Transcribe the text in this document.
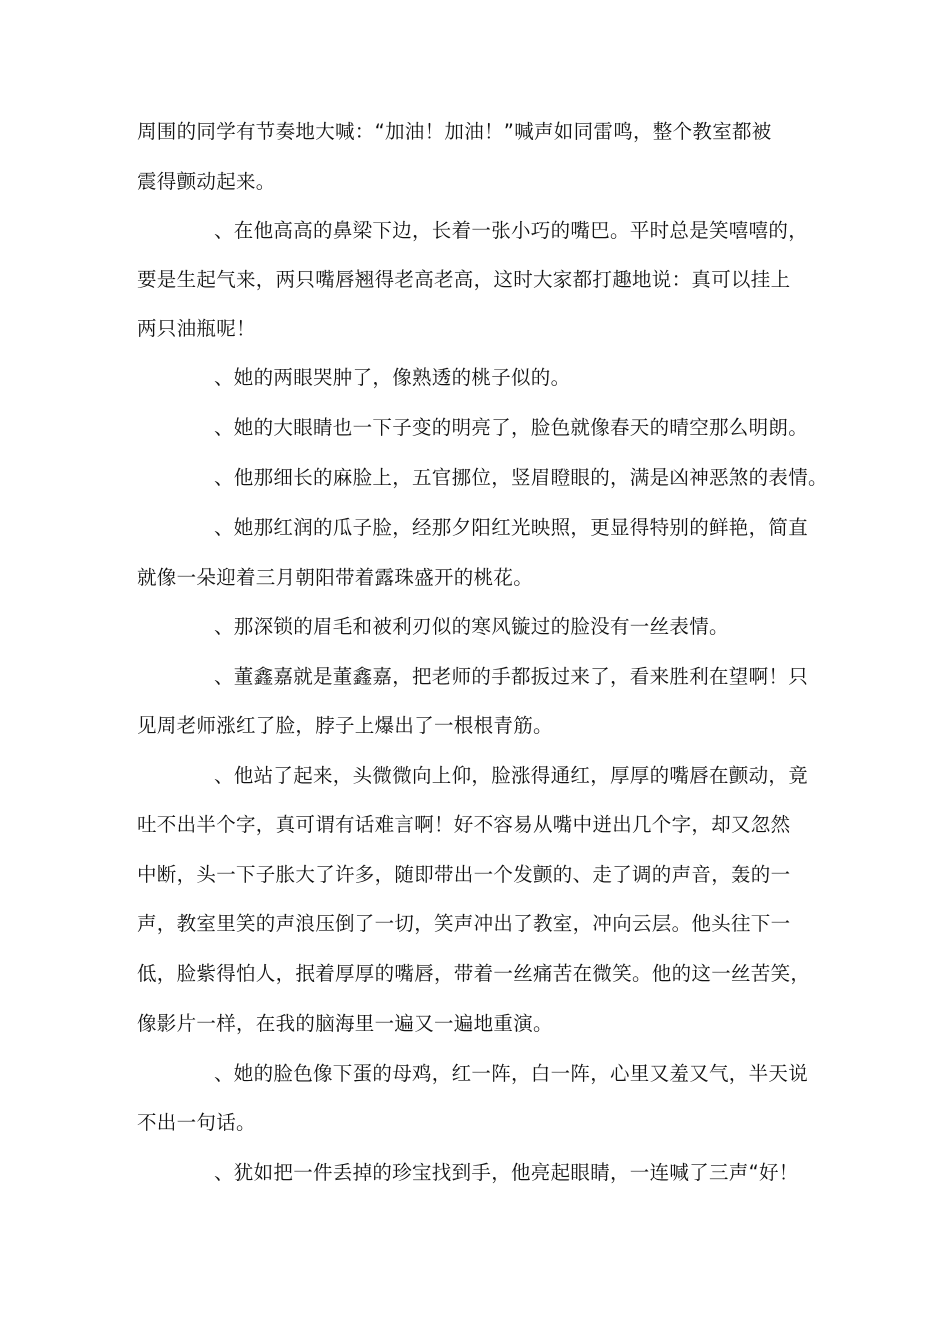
周围的同学有节奏地大喊：“加油！加油！”喊声如同雷鸣，整个教室都被
震得颤动起来。
、在他高高的鼻梁下边，长着一张小巧的嘴巴。平时总是笑嘻嘻的，
要是生起气来，两只嘴唇翘得老高老高，这时大家都打趣地说：真可以挂上
两只油瓶呢！
、她的两眼哭肿了，像熟透的桃子似的。
、她的大眼睛也一下子变的明亮了，脸色就像春天的晴空那么明朗。
、他那细长的麻脸上，五官挪位，竖眉瞪眼的，满是凶神恶煞的表情。
、她那红润的瓜子脸，经那夕阳红光映照，更显得特别的鲜艳，简直
就像一朵迎着三月朝阳带着露珠盛开的桃花。
、那深锁的眉毛和被利刃似的寒风镟过的脸没有一丝表情。
、董鑫嘉就是董鑫嘉，把老师的手都扳过来了，看来胜利在望啊！只
见周老师涨红了脸，脖子上爆出了一根根青筋。
、他站了起来，头微微向上仰，脸涨得通红，厚厚的嘴唇在颤动，竟
吐不出半个字，真可谓有话难言啊！好不容易从嘴中迸出几个字，却又忽然
中断，头一下子胀大了许多，随即带出一个发颤的、走了调的声音，轰的一
声，教室里笑的声浪压倒了一切，笑声冲出了教室，冲向云层。他头往下一
低，脸紫得怕人，抿着厚厚的嘴唇，带着一丝痛苦在微笑。他的这一丝苦笑，
像影片一样，在我的脑海里一遍又一遍地重演。
、她的脸色像下蛋的母鸡，红一阵，白一阵，心里又羞又气，半天说
不出一句话。
、犹如把一件丢掉的珍宝找到手，他亮起眼睛，一连喊了三声“好！
